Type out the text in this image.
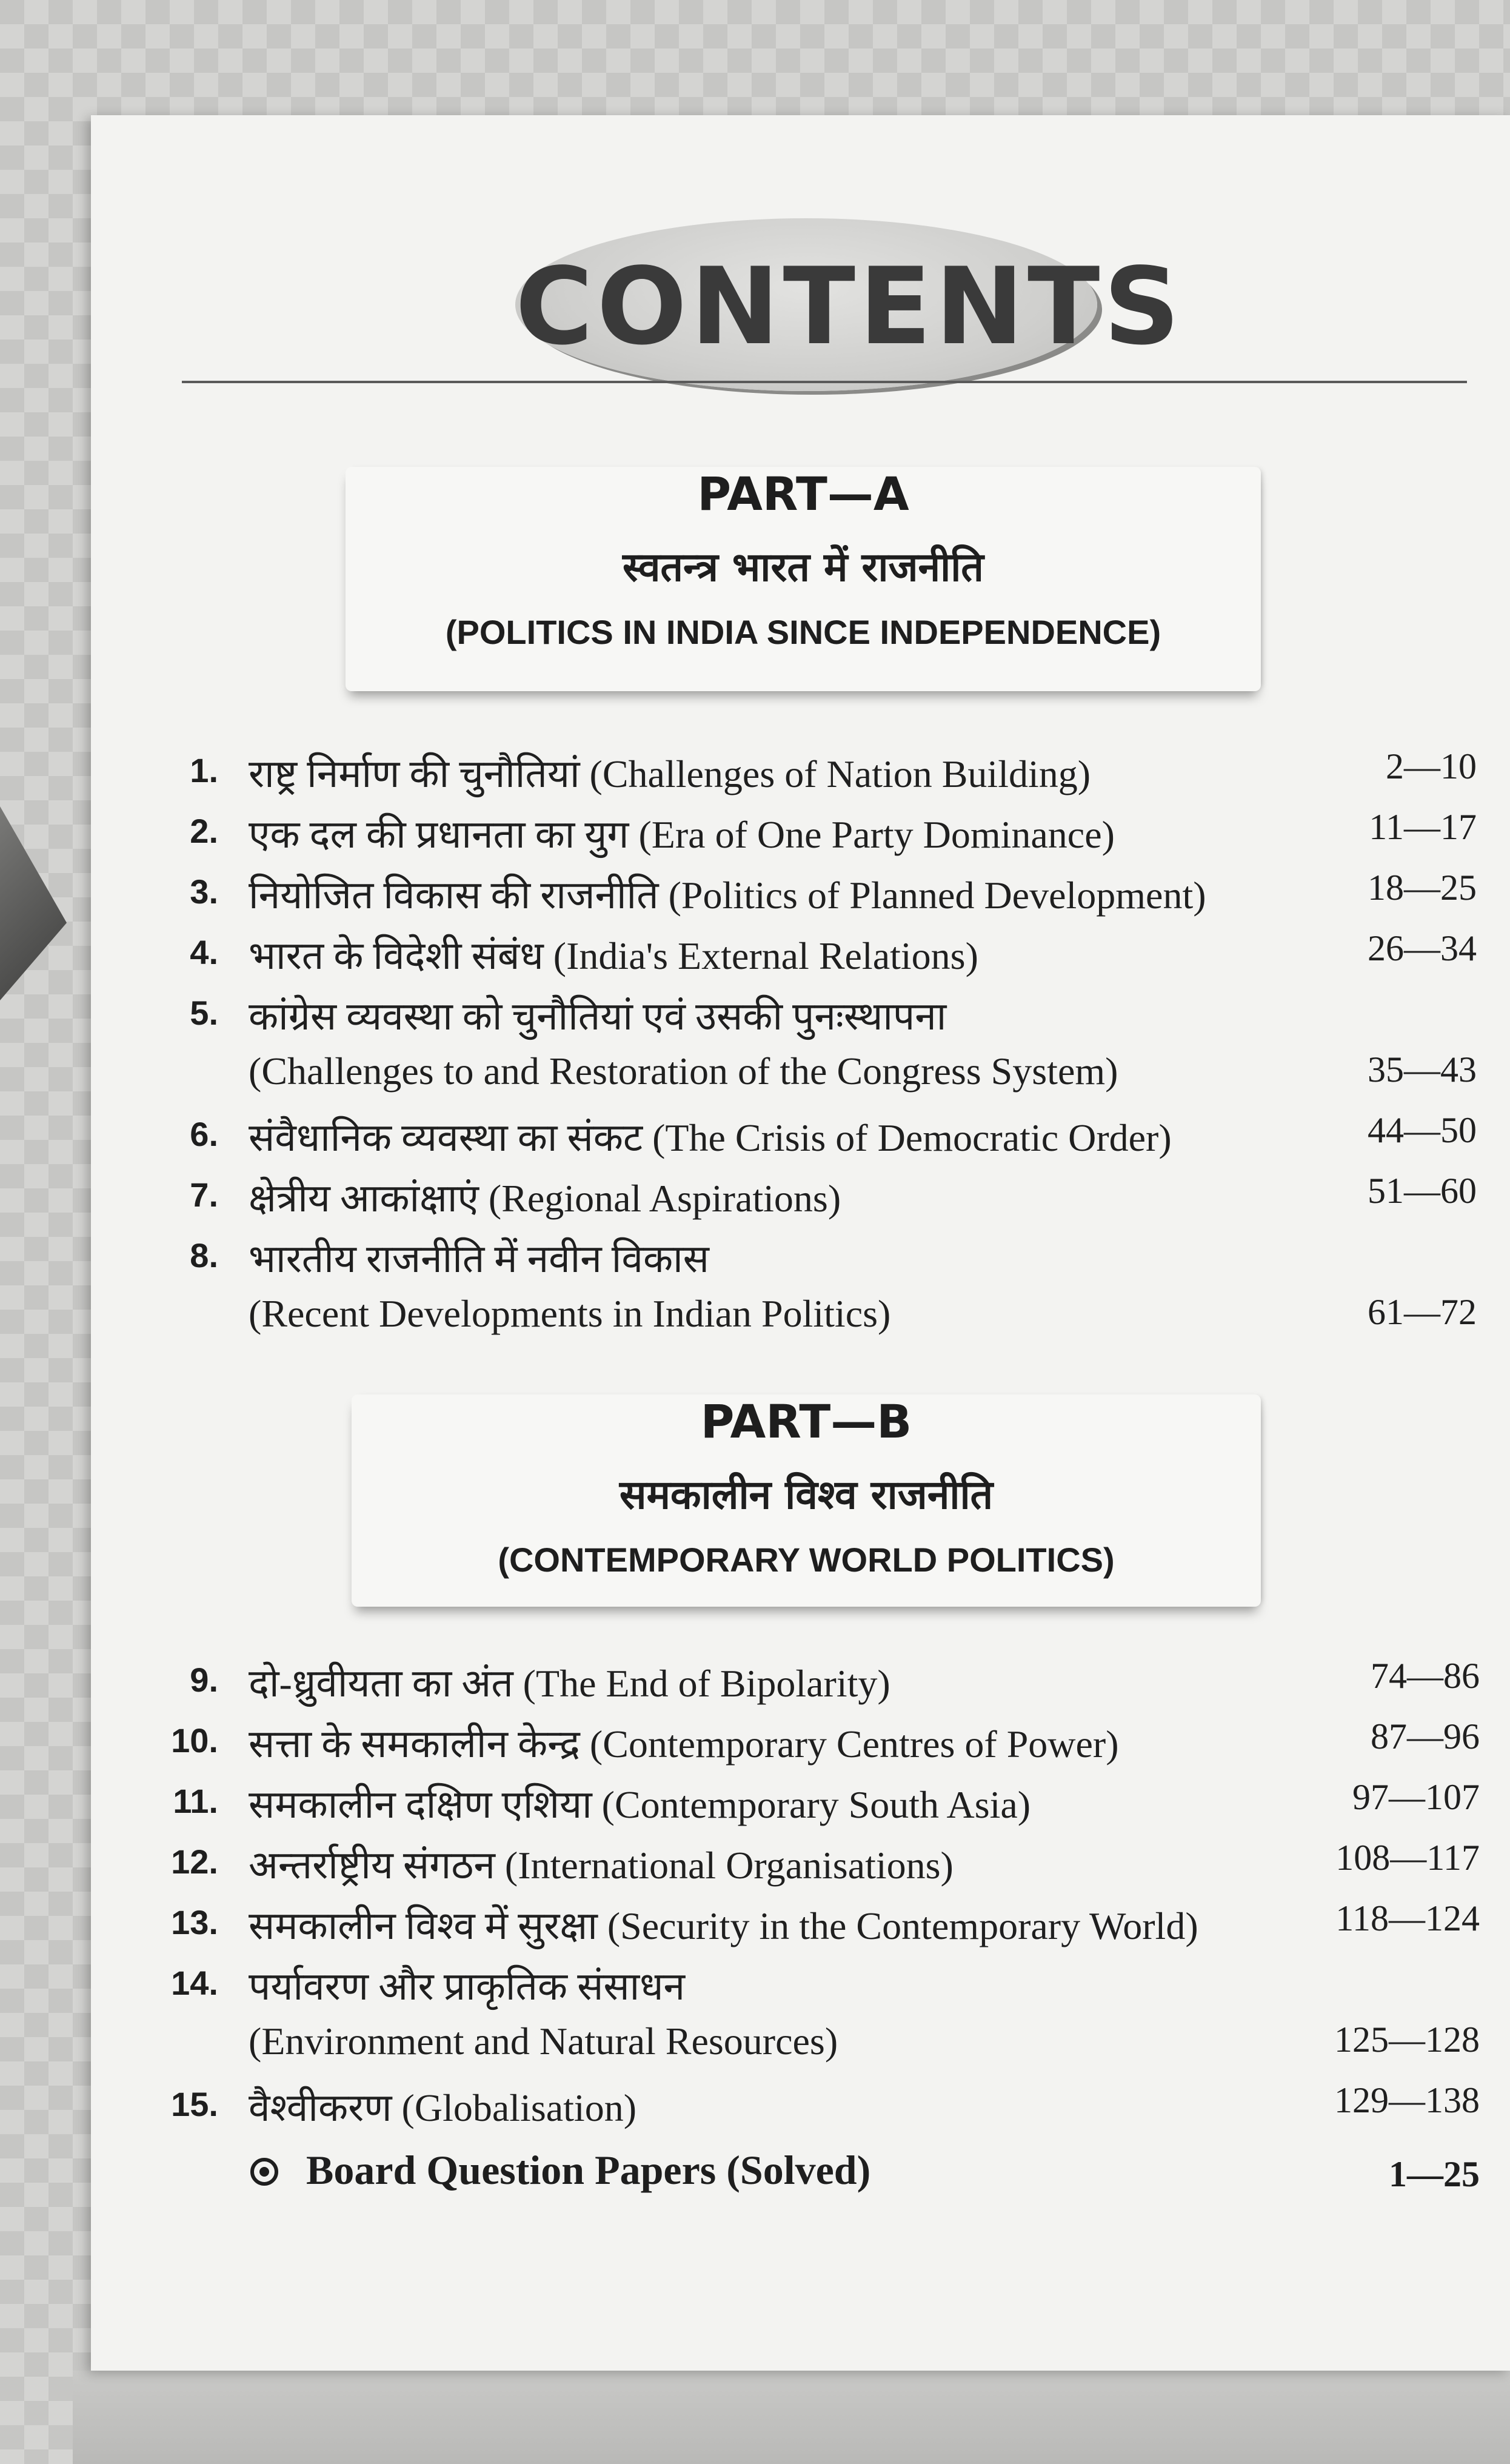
CONTENTS
PART—A
स्वतन्त्र भारत में राजनीति
(POLITICS IN INDIA SINCE INDEPENDENCE)
1. राष्ट्र निर्माण की चुनौतियां (Challenges of Nation Building)	2—10
2. एक दल की प्रधानता का युग (Era of One Party Dominance)	11—17
3. नियोजित विकास की राजनीति (Politics of Planned Development)	18—25
4. भारत के विदेशी संबंध (India's External Relations)	26—34
5. कांग्रेस व्यवस्था को चुनौतियां एवं उसकी पुनःस्थापना
(Challenges to and Restoration of the Congress System)	35—43
6. संवैधानिक व्यवस्था का संकट (The Crisis of Democratic Order)	44—50
7. क्षेत्रीय आकांक्षाएं (Regional Aspirations)	51—60
8. भारतीय राजनीति में नवीन विकास
(Recent Developments in Indian Politics)	61—72
PART—B
समकालीन विश्व राजनीति
(CONTEMPORARY WORLD POLITICS)
9. दो-ध्रुवीयता का अंत (The End of Bipolarity)	74—86
10. सत्ता के समकालीन केन्द्र (Contemporary Centres of Power)	87—96
11. समकालीन दक्षिण एशिया (Contemporary South Asia)	97—107
12. अन्तर्राष्ट्रीय संगठन (International Organisations)	108—117
13. समकालीन विश्व में सुरक्षा (Security in the Contemporary World)	118—124
14. पर्यावरण और प्राकृतिक संसाधन
(Environment and Natural Resources)	125—128
15. वैश्वीकरण (Globalisation)	129—138
Board Question Papers (Solved)	1—25
